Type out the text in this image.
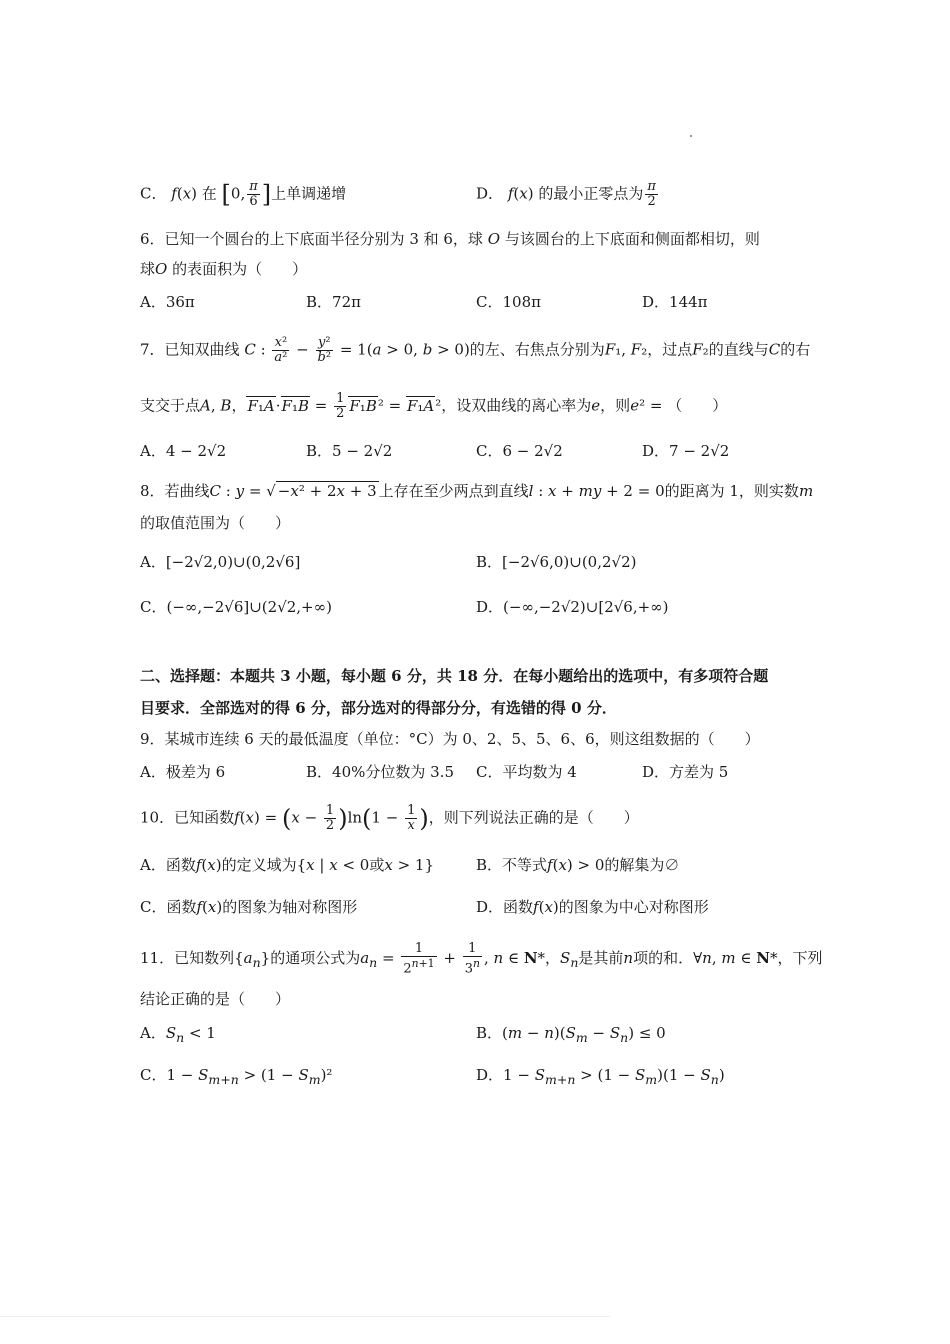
C． f(x) 在 [0, $\frac{\pi}{6}$ ]上单调递增	D． f(x) 的最小正零点为 $\frac{\pi}{2}$
6．已知一个圆台的上下底面半径分别为 3 和 6，球 O 与该圆台的上下底面和侧面都相切，则
球O 的表面积为（　　）
A．36π	B．72π	C．108π	D．144π
7．已知双曲线 C : $\frac{\text{x²}}{\text{a²}} - \frac{\text{y²}}{\text{b²}} = 1(a > 0$, b > 0)的左、右焦点分别为F₁, F₂，过点F₂的直线与C的右
支交于点A, B，$F_1A\cdot F_1B = \frac{1}{2} F_1B^2 = F_1A^2$，设双曲线的离心率为e，则e² = （　　）
A．4 − 2√2	B．5 − 2√2	C．6 − 2√2	D．7 − 2√2
8．若曲线C : y = √ −x² + 2x + 3 上存在至少两点到直线l : x + my + 2 = 0的距离为 1，则实数m
的取值范围为（　　）
A．[−2√2,0)∪(0,2√6]	B．[−2√6,0)∪(0,2√2)
C．(−∞,−2√6]∪(2√2,+∞)	D．(−∞,−2√2)∪[2√6,+∞)
二、选择题：本题共 3 小题，每小题 6 分，共 18 分．在每小题给出的选项中，有多项符合题
目要求．全部选对的得 6 分，部分选对的得部分分，有选错的得 0 分．
9．某城市连续 6 天的最低温度（单位：°C）为 0、2、5、5、6、6，则这组数据的（　　）
A．极差为 6	B．40%分位数为 3.5 C．平均数为 4	D．方差为 5
10．已知函数$f(x) = (x - \frac{1}{2} )\ln(1 - \frac{1}{x}$ )，则下列说法正确的是（　　）
A．函数f(x)的定义域为{x | x < 0或x > 1}	B．不等式f(x) > 0的解集为∅
C．函数f(x)的图象为轴对称图形	D．函数f(x)的图象为中心对称图形
11．已知数列$\{a_n\}$的通项公式为$a_n = \frac{1}{2^{n+1}} + \frac{1}{3^n}$ , n ∈ N*，$S_n$是其前n项的和．∀n, m ∈ N*，下列
结论正确的是（　　）
A．$S_n < 1$	B．$(m - n)(S_m - S_n) \le 0$
C．$1 - S_{m+n} > (1 - S_m)^2$	D．$1 - S_{m+n} > (1 - S_m)(1 - S_n)$
